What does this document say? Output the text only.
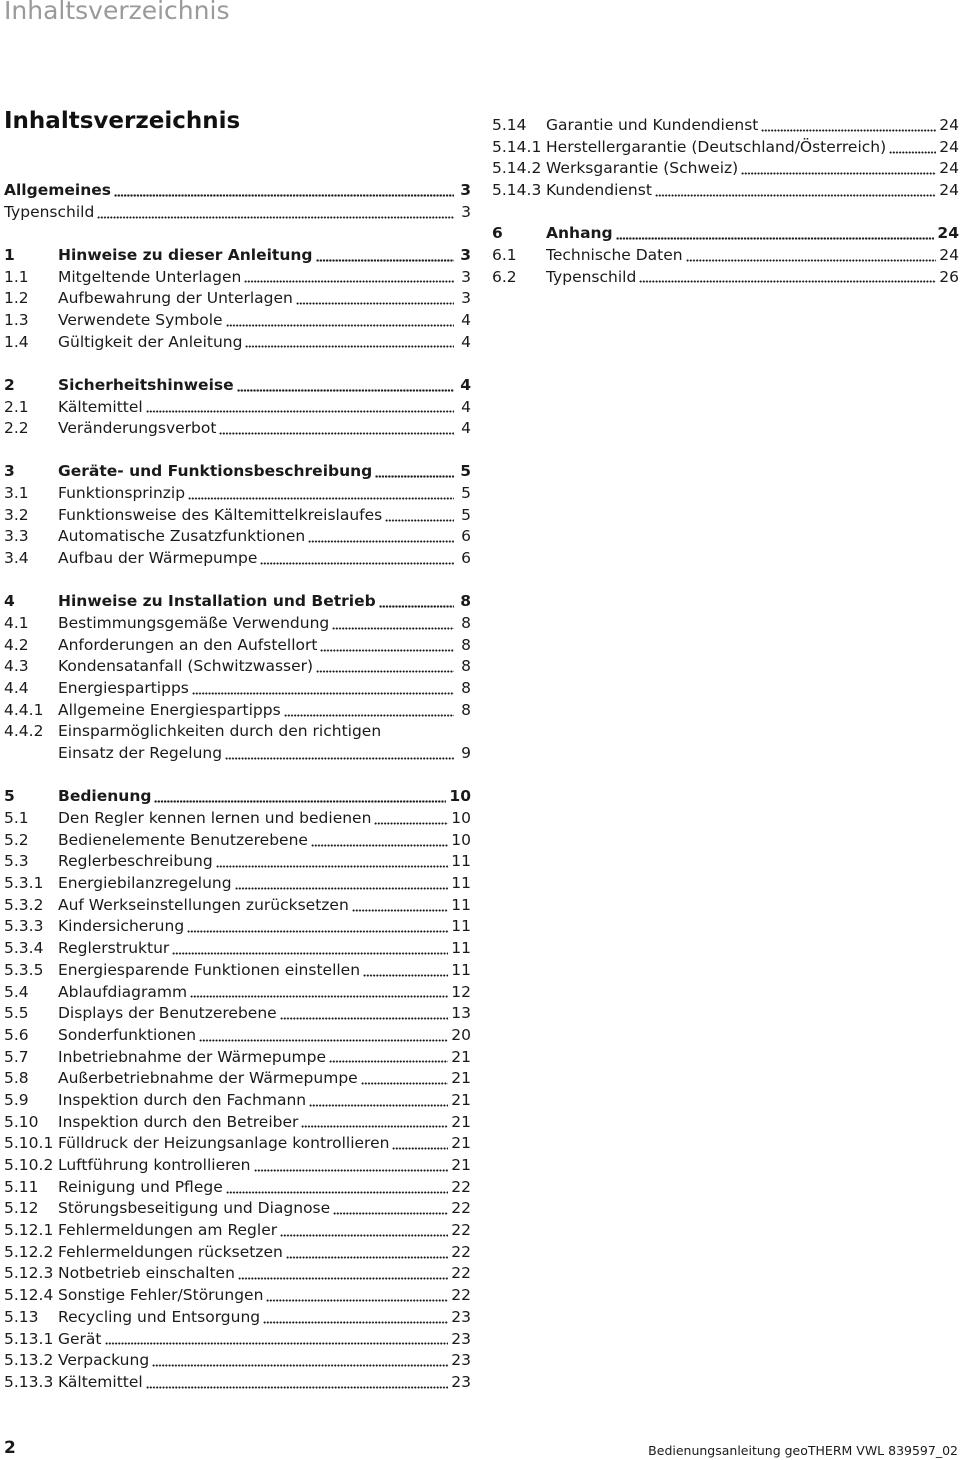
Inhaltsverzeichnis
Inhaltsverzeichnis
Allgemeines	3
Typenschild	3
1	Hinweise zu dieser Anleitung	3
1.1	Mitgeltende Unterlagen	3
1.2	Aufbewahrung der Unterlagen	3
1.3	Verwendete Symbole	4
1.4	Gültigkeit der Anleitung	4
2	Sicherheitshinweise	4
2.1	Kältemittel	4
2.2	Veränderungsverbot	4
3	Geräte- und Funktionsbeschreibung	5
3.1	Funktionsprinzip	5
3.2	Funktionsweise des Kältemittelkreislaufes	5
3.3	Automatische Zusatzfunktionen	6
3.4	Aufbau der Wärmepumpe	6
4	Hinweise zu Installation und Betrieb	8
4.1	Bestimmungsgemäße Verwendung	8
4.2	Anforderungen an den Aufstellort	8
4.3	Kondensatanfall (Schwitzwasser)	8
4.4	Energiespartipps	8
4.4.1 Allgemeine Energiespartipps	8
4.4.2 Einsparmöglichkeiten durch den richtigen
Einsatz der Regelung	9
5	Bedienung	10
5.1	Den Regler kennen lernen und bedienen	10
5.2	Bedienelemente Benutzerebene	10
5.3	Reglerbeschreibung	11
5.3.1 Energiebilanzregelung	11
5.3.2 Auf Werkseinstellungen zurücksetzen	11
5.3.3 Kindersicherung	11
5.3.4 Reglerstruktur	11
5.3.5 Energiesparende Funktionen einstellen	11
5.4	Ablaufdiagramm	12
5.5	Displays der Benutzerebene	13
5.6	Sonderfunktionen	20
5.7	Inbetriebnahme der Wärmepumpe	21
5.8	Außerbetriebnahme der Wärmepumpe	21
5.9	Inspektion durch den Fachmann	21
5.10	Inspektion durch den Betreiber	21
5.10.1 Fülldruck der Heizungsanlage kontrollieren	21
5.10.2 Luftführung kontrollieren	21
5.11	Reinigung und Pflege	22
5.12	Störungsbeseitigung und Diagnose	22
5.12.1 Fehlermeldungen am Regler	22
5.12.2 Fehlermeldungen rücksetzen	22
5.12.3 Notbetrieb einschalten	22
5.12.4 Sonstige Fehler/Störungen	22
5.13	Recycling und Entsorgung	23
5.13.1 Gerät	23
5.13.2 Verpackung	23
5.13.3 Kältemittel	23
5.14	Garantie und Kundendienst	24
5.14.1 Herstellergarantie (Deutschland/Österreich)	24
5.14.2 Werksgarantie (Schweiz)	24
5.14.3 Kundendienst	24
6	Anhang	24
6.1	Technische Daten	24
6.2	Typenschild	26
2	Bedienungsanleitung geoTHERM VWL 839597_02
